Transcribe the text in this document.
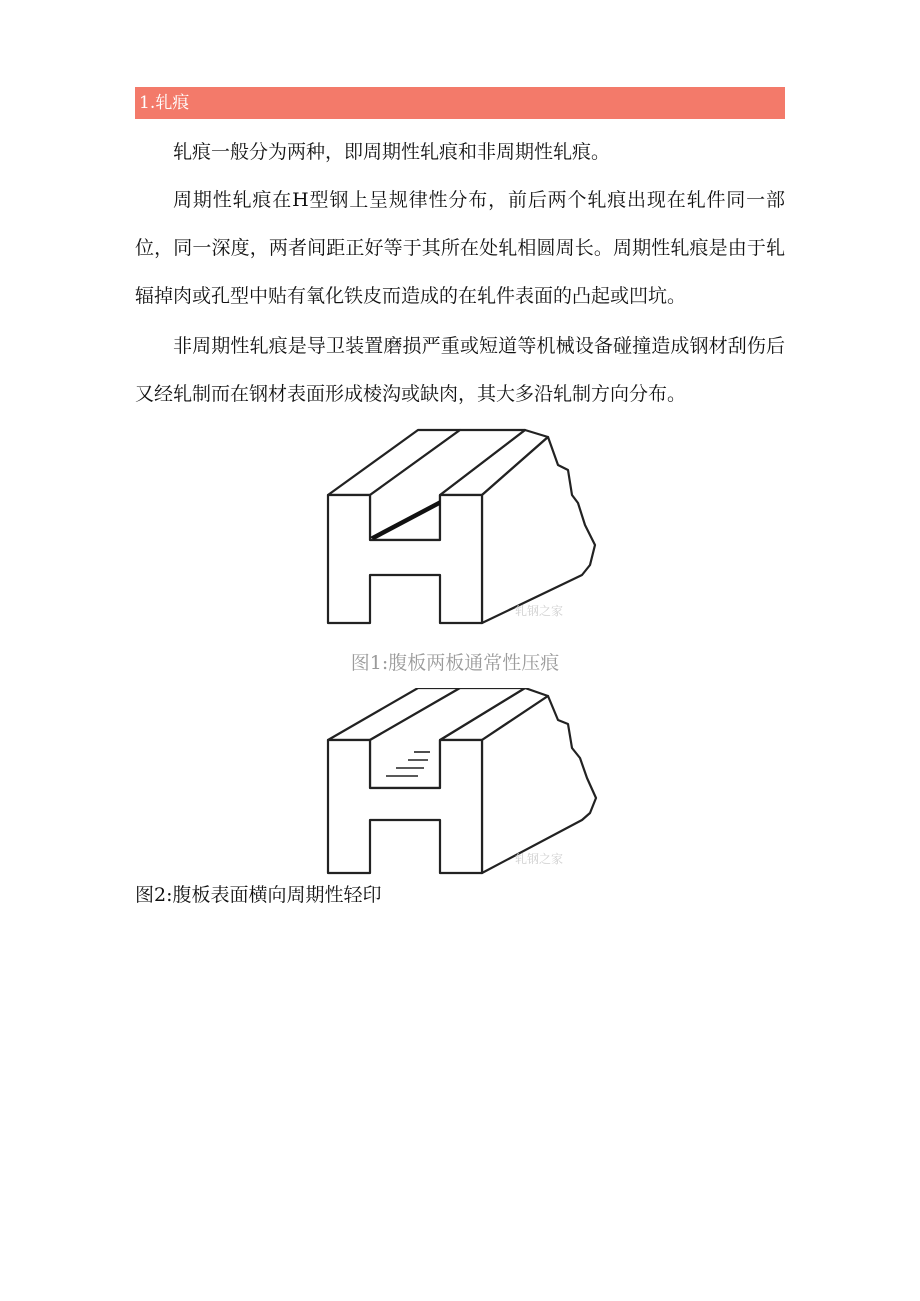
1.轧痕

轧痕一般分为两种，即周期性轧痕和非周期性轧痕。

周期性轧痕在H型钢上呈规律性分布，前后两个轧痕出现在轧件同一部位，同一深度，两者间距正好等于其所在处轧相圆周长。周期性轧痕是由于轧辐掉肉或孔型中贴有氧化铁皮而造成的在轧件表面的凸起或凹坑。

非周期性轧痕是导卫装置磨损严重或短道等机械设备碰撞造成钢材刮伤后又经轧制而在钢材表面形成棱沟或缺肉，其大多沿轧制方向分布。

轧钢之家
图1:腹板两板通常性压痕
轧钢之家
图2:腹板表面横向周期性轻印
